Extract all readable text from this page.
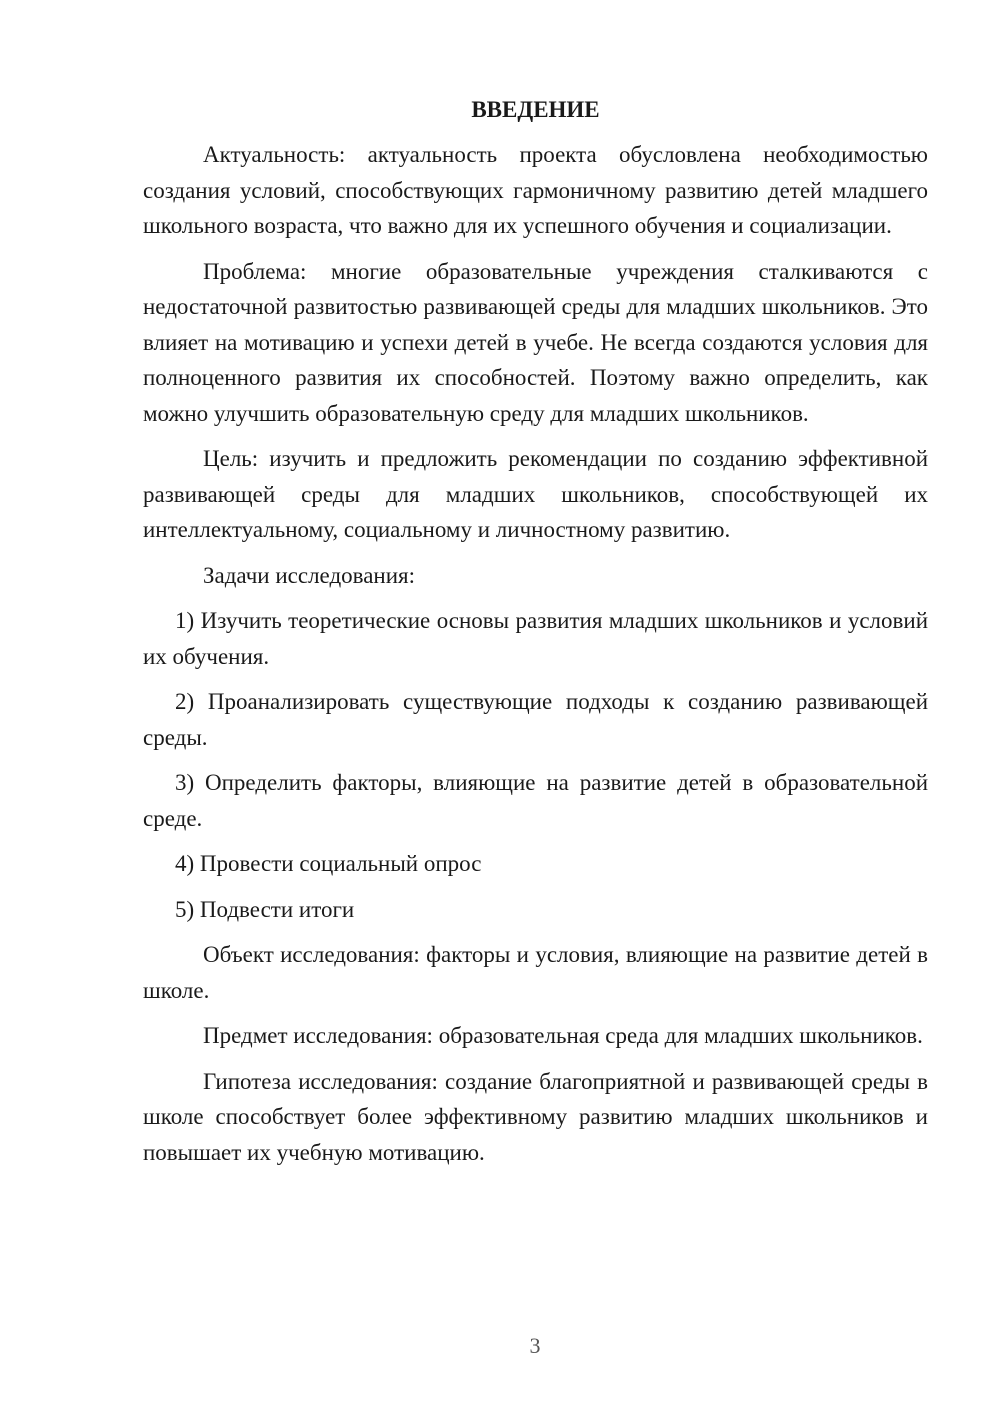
ВВЕДЕНИЕ

Актуальность: актуальность проекта обусловлена необходимостью создания условий, способствующих гармоничному развитию детей младшего школьного возраста, что важно для их успешного обучения и социализации.

Проблема: многие образовательные учреждения сталкиваются с недостаточной развитостью развивающей среды для младших школьников. Это влияет на мотивацию и успехи детей в учебе. Не всегда создаются условия для полноценного развития их способностей. Поэтому важно определить, как можно улучшить образовательную среду для младших школьников.

Цель: изучить и предложить рекомендации по созданию эффективной развивающей среды для младших школьников, способствующей их интеллектуальному, социальному и личностному развитию.

Задачи исследования:

1) Изучить теоретические основы развития младших школьников и условий их обучения.

2) Проанализировать существующие подходы к созданию развивающей среды.

3) Определить факторы, влияющие на развитие детей в образовательной среде.

4) Провести социальный опрос

5) Подвести итоги

Объект исследования: факторы и условия, влияющие на развитие детей в школе.

Предмет исследования: образовательная среда для младших школьников.

Гипотеза исследования: создание благоприятной и развивающей среды в школе способствует более эффективному развитию младших школьников и повышает их учебную мотивацию.

3
